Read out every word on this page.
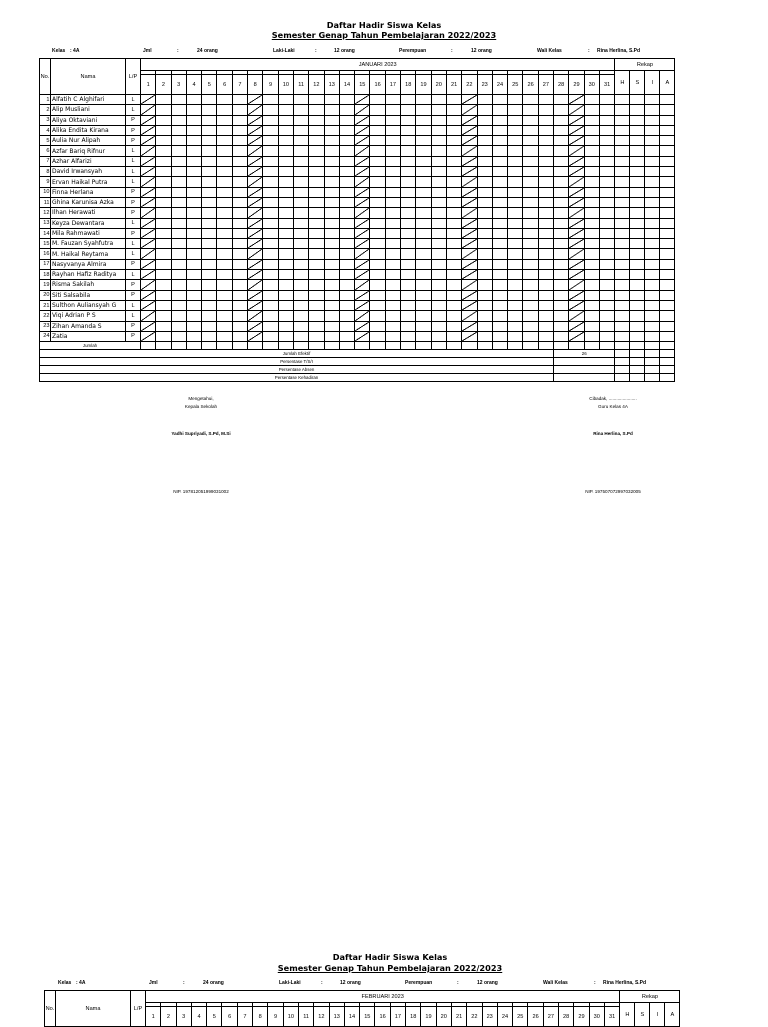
Daftar Hadir Siswa Kelas
Semester Genap Tahun Pembelajaran 2022/2023
Kelas : 4A	Jml	:	24 orang	Laki-Laki	:	12 orang	Perempuan	:	12 orang	Wali Kelas	: Rina Herlina, S.Pd
No.	Nama	L/P	JANUARI 2023																															Rekap			
																																		H	S	I	A
			1	2	3	4	5	6	7	8	9	10	11	12	13	14	15	16	17	18	19	20	21	22	23	24	25	26	27	28	29	30	31				
1	Alfatih C Alghifari	L																																			
2	Alip Musliani	L																																			
3	Aliya Oktaviani	P																																			
4	Alika Endita Kirana	P																																			
5	Aulia Nur Alipah	P																																			
6	Azfar Bariq Rifnur	L																																			
7	Azhar Alfarizi	L																																			
8	David Irwansyah	L																																			
9	Ervan Haikal Putra	L																																			
10	Finna Herlana	P																																			
11	Ghina Karunisa Azka	P																																			
12	Ilhan Herawati	P																																			
13	Keyza Dewantara	L																																			
14	Mila Rahmawati	P																																			
15	M. Fauzan Syahfutra	L																																			
16	M. Haikal Reytama	L																																			
17	Nasyvanya Almira	P																																			
18	Rayhan Hafiz Raditya	L																																			
19	Risma Sakilah	P																																			
20	Siti Salsabila	P																																			
21	Sulthon Auliansyah G	L																																			
22	Viqi Adrian P S	L																																			
23	Zihan Amanda S	P																																			
24	Zatia	P																																			
Jumlah																																					
Jumlah Efektif																														26							
Persentase T/S/I																																					
Persentase Absen																																					
Persentase Kehadiran																																					
Mengetahui,
Kepala Sekolah
Yadhi Supriyadi, S.Pd, M.Si
NIP. 197812051999031002
Cibadak, ......................
Guru Kelas 4A
Rina Herlina, S.Pd
NIP. 197507072997032005
Daftar Hadir Siswa Kelas
Semester Genap Tahun Pembelajaran 2022/2023
Kelas : 4A	Jml	:	24 orang	Laki-Laki	:	12 orang	Perempuan	:	12 orang	Wali Kelas	: Rina Herlina, S.Pd
No.	Nama	L/P	FEBRUARI 2023																															Rekap			
																																		H	S	I	A
			1	2	3	4	5	6	7	8	9	10	11	12	13	14	15	16	17	18	19	20	21	22	23	24	25	26	27	28	29	30	31				
